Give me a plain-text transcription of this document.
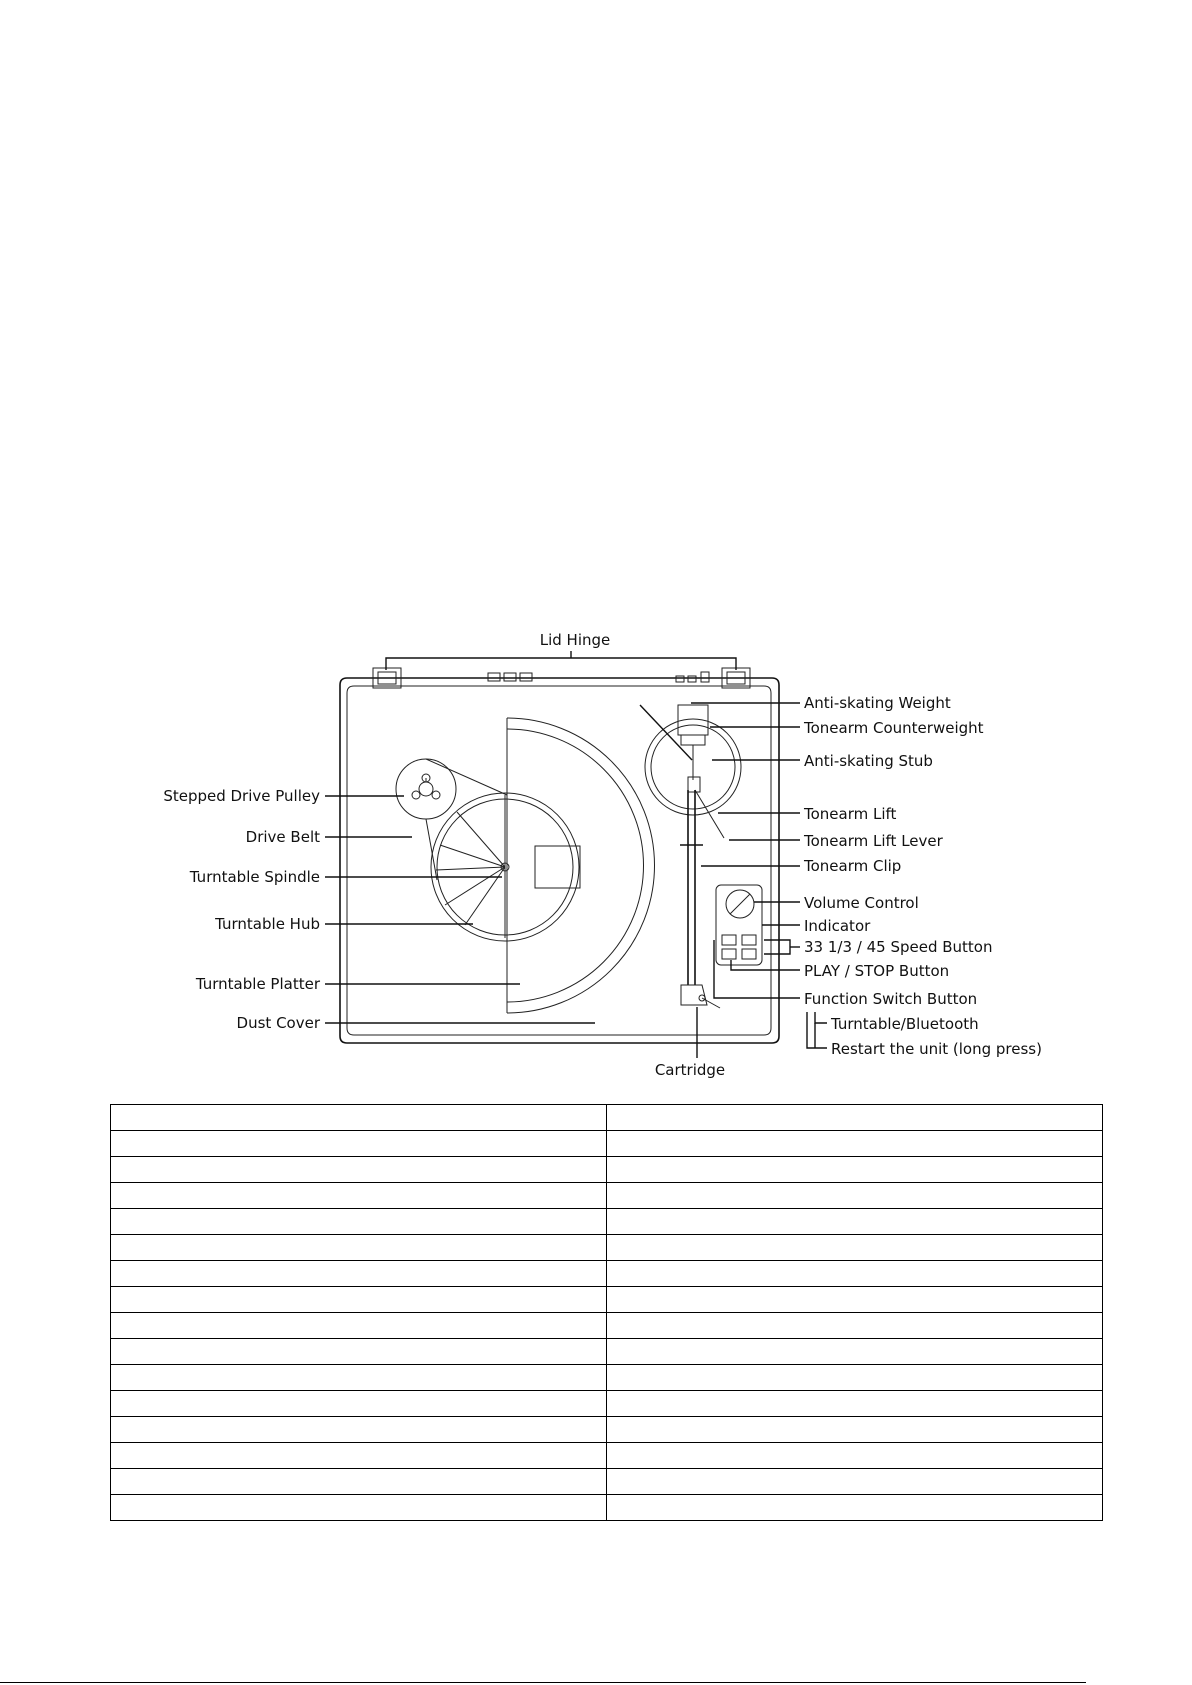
Lid Hinge
Anti-skating Weight
Tonearm Counterweight
Anti-skating Stub
Tonearm Lift
Tonearm Lift Lever
Tonearm Clip
Volume Control
Indicator
33 1/3 / 45 Speed Button
PLAY / STOP Button
Function Switch Button
Turntable/Bluetooth
Restart the unit (long press)
Stepped Drive Pulley
Drive Belt
Turntable Spindle
Turntable Hub
Turntable Platter
Dust Cover
Cartridge
